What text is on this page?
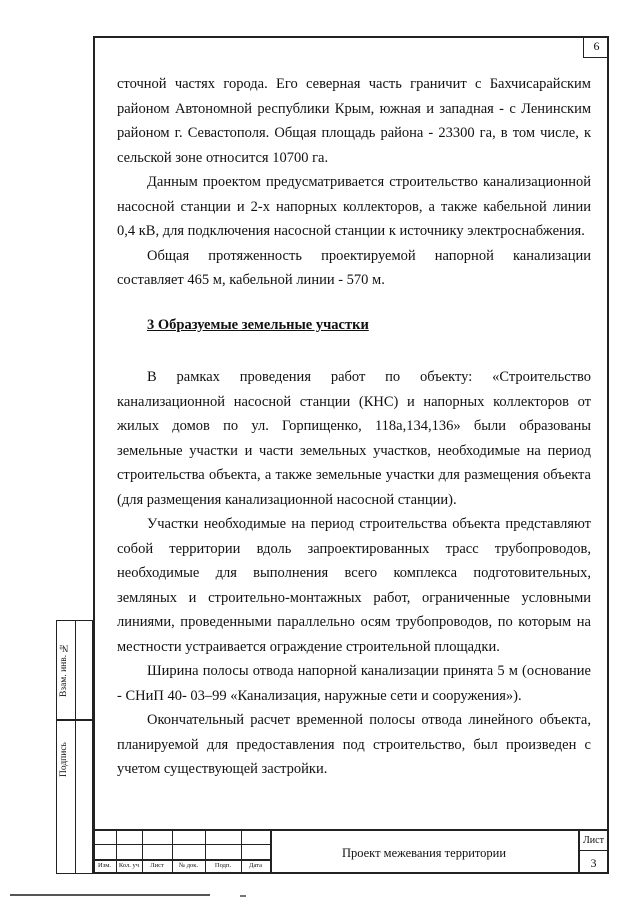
6

сточной частях города. Его северная часть граничит с Бахчисарайским районом Автономной республики Крым, южная и западная - с Ленинским районом г. Севастополя. Общая площадь района - 23300 га, в том числе, к сельской зоне относится 10700 га.

Данным проектом предусматривается строительство канализационной насосной станции и 2-х напорных коллекторов, а также кабельной линии 0,4 кВ, для подключения насосной станции к источнику электроснабжения.

Общая протяженность проектируемой напорной канализации составляет 465 м, кабельной линии - 570 м.

3 Образуемые земельные участки

В рамках проведения работ по объекту: «Строительство канализационной насосной станции (КНС) и напорных коллекторов от жилых домов по ул. Горпищенко, 118а,134,136» были образованы земельные участки и части земельных участков, необходимые на период строительства объекта, а также земельные участки для размещения объекта (для размещения канализационной насосной станции).

Участки необходимые на период строительства объекта представляют собой территории вдоль запроектированных трасс трубопроводов, необходимые для выполнения всего комплекса подготовительных, земляных и строительно-монтажных работ, ограниченные условными линиями, проведенными параллельно осям трубопроводов, по которым на местности устраивается ограждение строительной площадки.

Ширина полосы отвода напорной канализации принята 5 м (основание - СНиП 40- 03–99 «Канализация, наружные сети и сооружения»).

Окончательный расчет временной полосы отвода линейного объекта, планируемой для предоставления под строительство, был произведен с учетом существующей застройки.

Взам. инв. №
Подпись
Изм.	Кол. уч	Лист	№ док.	Подп.	Дата
Проект межевания территории
Лист
3
